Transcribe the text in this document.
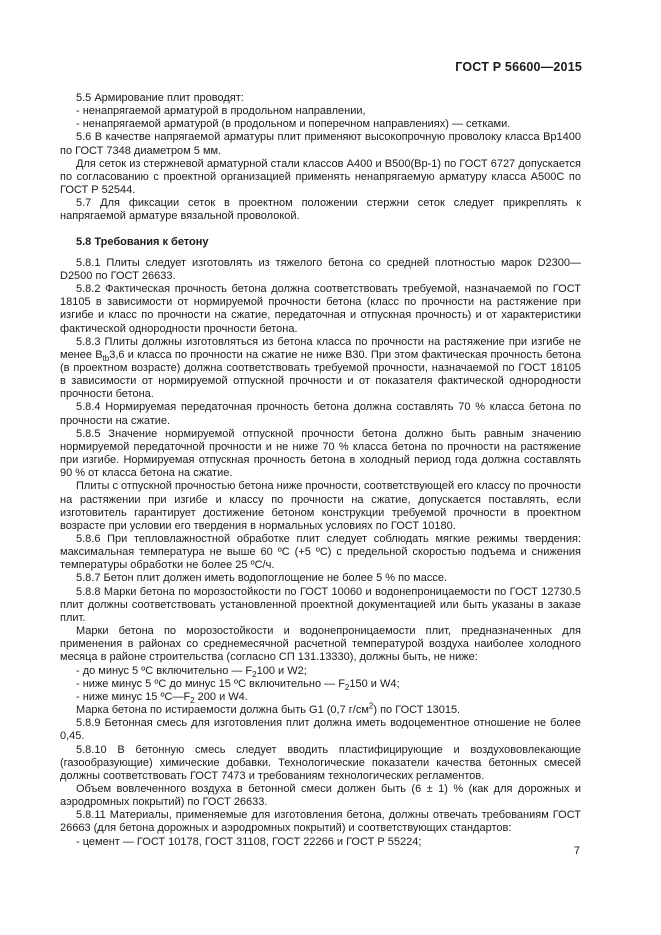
ГОСТ Р 56600—2015

5.5 Армирование плит проводят:

- ненапрягаемой арматурой в продольном направлении,

- ненапрягаемой арматурой (в продольном и поперечном направлениях) — сетками.

5.6 В качестве напрягаемой арматуры плит применяют высокопрочную проволоку класса Вр1400 по ГОСТ 7348 диаметром 5 мм.

Для сеток из стержневой арматурной стали классов А400 и В500(Вр-1) по ГОСТ 6727 допускается по согласованию с проектной организацией применять ненапрягаемую арматуру класса А500С по ГОСТ Р 52544.

5.7 Для фиксации сеток в проектном положении стержни сеток следует прикреплять к напрягаемой арматуре вязальной проволокой.

5.8 Требования к бетону

5.8.1 Плиты следует изготовлять из тяжелого бетона со средней плотностью марок D2300—D2500 по ГОСТ 26633.

5.8.2 Фактическая прочность бетона должна соответствовать требуемой, назначаемой по ГОСТ 18105 в зависимости от нормируемой прочности бетона (класс по прочности на растяжение при изгибе и класс по прочности на сжатие, передаточная и отпускная прочность) и от характеристики фактической однородности прочности бетона.

5.8.3 Плиты должны изготовляться из бетона класса по прочности на растяжение при изгибе не менее $В_{tb}3,6$ и класса по прочности на сжатие не ниже В30. При этом фактическая прочность бетона (в проектном возрасте) должна соответствовать требуемой прочности, назначаемой по ГОСТ 18105 в зависимости от нормируемой отпускной прочности и от показателя фактической однородности прочности бетона.

5.8.4 Нормируемая передаточная прочность бетона должна составлять 70 % класса бетона по прочности на сжатие.

5.8.5 Значение нормируемой отпускной прочности бетона должно быть равным значению нормируемой передаточной прочности и не ниже 70 % класса бетона по прочности на растяжение при изгибе. Нормируемая отпускная прочность бетона в холодный период года должна составлять 90 % от класса бетона на сжатие.

Плиты с отпускной прочностью бетона ниже прочности, соответствующей его классу по прочности на растяжении при изгибе и классу по прочности на сжатие, допускается поставлять, если изготовитель гарантирует достижение бетоном конструкции требуемой прочности в проектном возрасте при условии его твердения в нормальных условиях по ГОСТ 10180.

5.8.6 При тепловлажностной обработке плит следует соблюдать мягкие режимы твердения: максимальная температура не выше 60 ºС (+5 ºС) с предельной скоростью подъема и снижения температуры обработки не более 25 ºС/ч.

5.8.7 Бетон плит должен иметь водопоглощение не более 5 % по массе.

5.8.8 Марки бетона по морозостойкости по ГОСТ 10060 и водонепроницаемости по ГОСТ 12730.5 плит должны соответствовать установленной проектной документацией или быть указаны в заказе плит.

Марки бетона по морозостойкости и водонепроницаемости плит, предназначенных для применения в районах со среднемесячной расчетной температурой воздуха наиболее холодного месяца в районе строительства (согласно СП 131.13330), должны быть, не ниже:

- до минус 5 ºС включительно — $F_2100$ и W2;

- ниже минус 5 ºС до минус 15 ºС включительно — $F_2150$ и W4;

- ниже минус 15 $ºС—F_2$ 200 и W4.

Марка бетона по истираемости должна быть G1 (0,7 $г/см^2$) по ГОСТ 13015.

5.8.9 Бетонная смесь для изготовления плит должна иметь водоцементное отношение не более 0,45.

5.8.10 В бетонную смесь следует вводить пластифицирующие и воздухововлекающие (газообразующие) химические добавки. Технологические показатели качества бетонных смесей должны соответствовать ГОСТ 7473 и требованиям технологических регламентов.

Объем вовлеченного воздуха в бетонной смеси должен быть (6 ± 1) % (как для дорожных и аэродромных покрытий) по ГОСТ 26633.

5.8.11 Материалы, применяемые для изготовления бетона, должны отвечать требованиям ГОСТ 26663 (для бетона дорожных и аэродромных покрытий) и соответствующих стандартов:

- цемент — ГОСТ 10178, ГОСТ 31108, ГОСТ 22266 и ГОСТ Р 55224;

7
